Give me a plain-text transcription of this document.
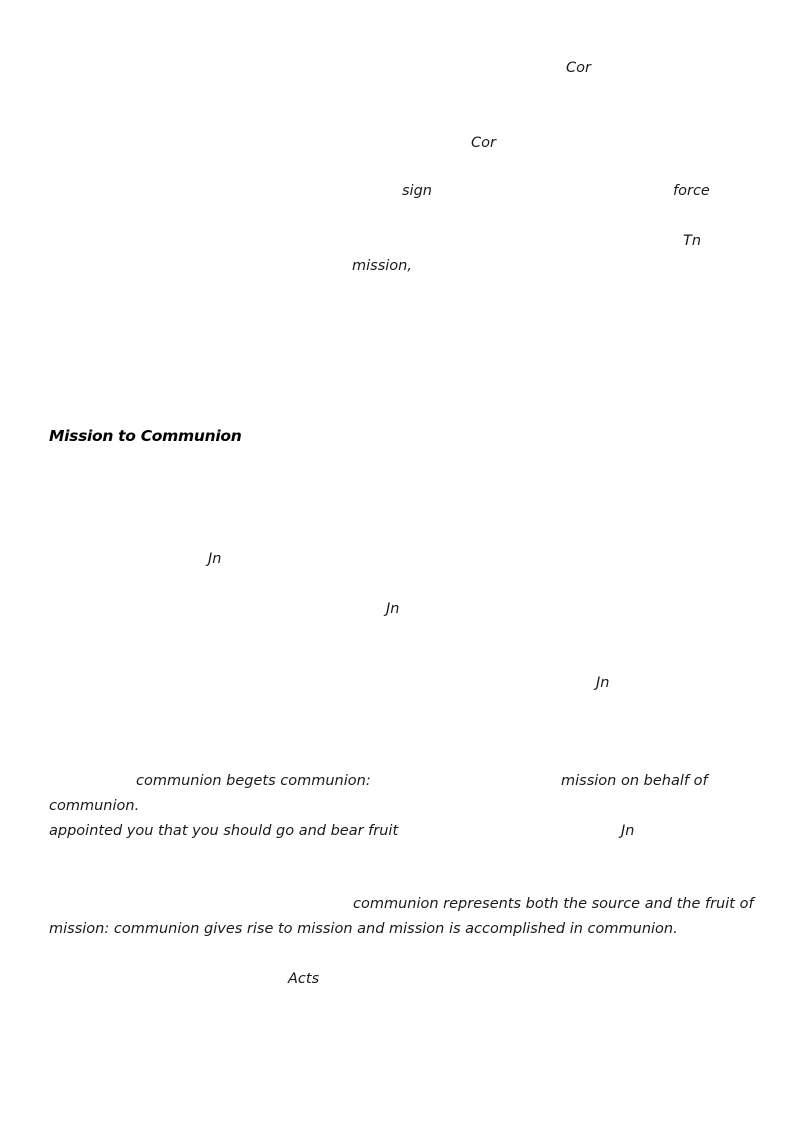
Cor
Cor
sign	force
Tn
mission,
Mission to Communion
Jn
Jn
Jn
communion begets communion:	mission on behalf of
communion.
appointed you that you should go and bear fruit	Jn
communion represents both the source and the fruit of
mission: communion gives rise to mission and mission is accomplished in communion.
Acts
